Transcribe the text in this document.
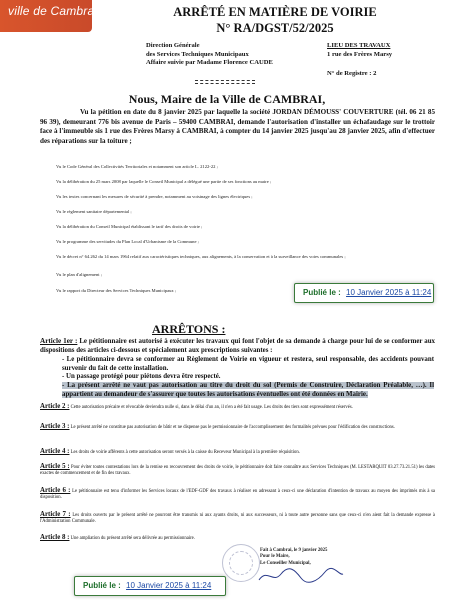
ville de Cambrai	ARRÊTÉ EN MATIÈRE DE VOIRIE
N° RA/DGST/52/2025
Direction Générale
des Services Techniques Municipaux
Affaire suivie par Madame Florence CAUDE
LIEU DES TRAVAUX
1 rue des Frères Marsy
N° de Registre : 2
Nous, Maire de la Ville de CAMBRAI,
Vu la pétition en date du 8 janvier 2025 par laquelle la société JORDAN DÉMOUSS' COUVERTURE (tél. 06 21 85 96 39), demeurant 776 bis avenue de Paris – 59400 CAMBRAI, demande l'autorisation d'installer un échafaudage sur le trottoir face à l'immeuble sis 1 rue des Frères Marsy à CAMBRAI, à compter du 14 janvier 2025 jusqu'au 28 janvier 2025, afin d'effectuer des réparations sur la toiture ;
Vu le Code Général des Collectivités Territoriales et notamment son article L. 2122-22 ;
Vu la délibération du 25 mars 2008 par laquelle le Conseil Municipal a délégué une partie de ses fonctions au maire ;
Vu les textes concernant les mesures de sécurité à prendre, notamment au voisinage des lignes électriques ;
Vu le règlement sanitaire départemental ;
Vu la délibération du Conseil Municipal établissant le tarif des droits de voirie ;
Vu le programme des servitudes du Plan Local d'Urbanisme de la Commune ;
Vu le décret n° 64.262 du 14 mars 1964 relatif aux caractéristiques techniques, aux alignements, à la conservation et à la surveillance des voies communales ;
Vu le plan d'alignement ;
Vu le rapport du Directeur des Services Techniques Municipaux ;	Publié le : 10 Janvier 2025 à 11:24
ARRÊTONS :
Article 1er : Le pétitionnaire est autorisé à exécuter les travaux qui font l'objet de sa demande à charge pour lui de se conformer aux dispositions des articles ci-dessous et spécialement aux prescriptions suivantes :
- Le pétitionnaire devra se conformer au Règlement de Voirie en vigueur et restera, seul responsable, des accidents pouvant survenir du fait de cette installation.
- Un passage protégé pour piétons devra être respecté.
- La présent arrêté ne vaut pas autorisation au titre du droit du sol (Permis de Construire, Déclaration Préalable, …). Il appartient au demandeur de s'assurer que toutes les autorisations éventuelles ont été données en Mairie.
Article 2 : Cette autorisation précaire et révocable deviendra nulle si, dans le délai d'un an, il n'en a été fait usage. Les droits des tiers sont expressément réservés.
Article 3 : Le présent arrêté ne constitue pas autorisation de bâtir et ne dispense pas le permissionnaire de l'accomplissement des formalités prévues pour l'édification des constructions.
Article 4 : Les droits de voirie afférents à cette autorisation seront versés à la caisse du Receveur Municipal à la première réquisition.
Article 5 : Pour éviter toutes contestations lors de la remise en recouvrement des droits de voirie, le pétitionnaire doit faire connaître aux Services Techniques (M. LESTARQUIT 03.27.73.21.51) les dates exactes de commencement et de fin des travaux.
Article 6 : Le pétitionnaire est tenu d'informer les Services locaux de l'EDF-GDF des travaux à réaliser en adressant à ceux-ci une déclaration d'intention de travaux au moyen des imprimés mis à sa disposition.
Article 7 : Les droits ouverts par le présent arrêté ne pourront être transmis ni aux ayants droits, ni aux successeurs, ni à toute autre personne sans que ceux-ci n'en aient fait la demande expresse à l'Administration Communale.
Article 8 : Une ampliation du présent arrêté sera délivrée au permissionnaire.
Fait à Cambrai, le 9 janvier 2025
Pour le Maire,
Le Conseiller Municipal,
Publié le : 10 Janvier 2025 à 11:24
